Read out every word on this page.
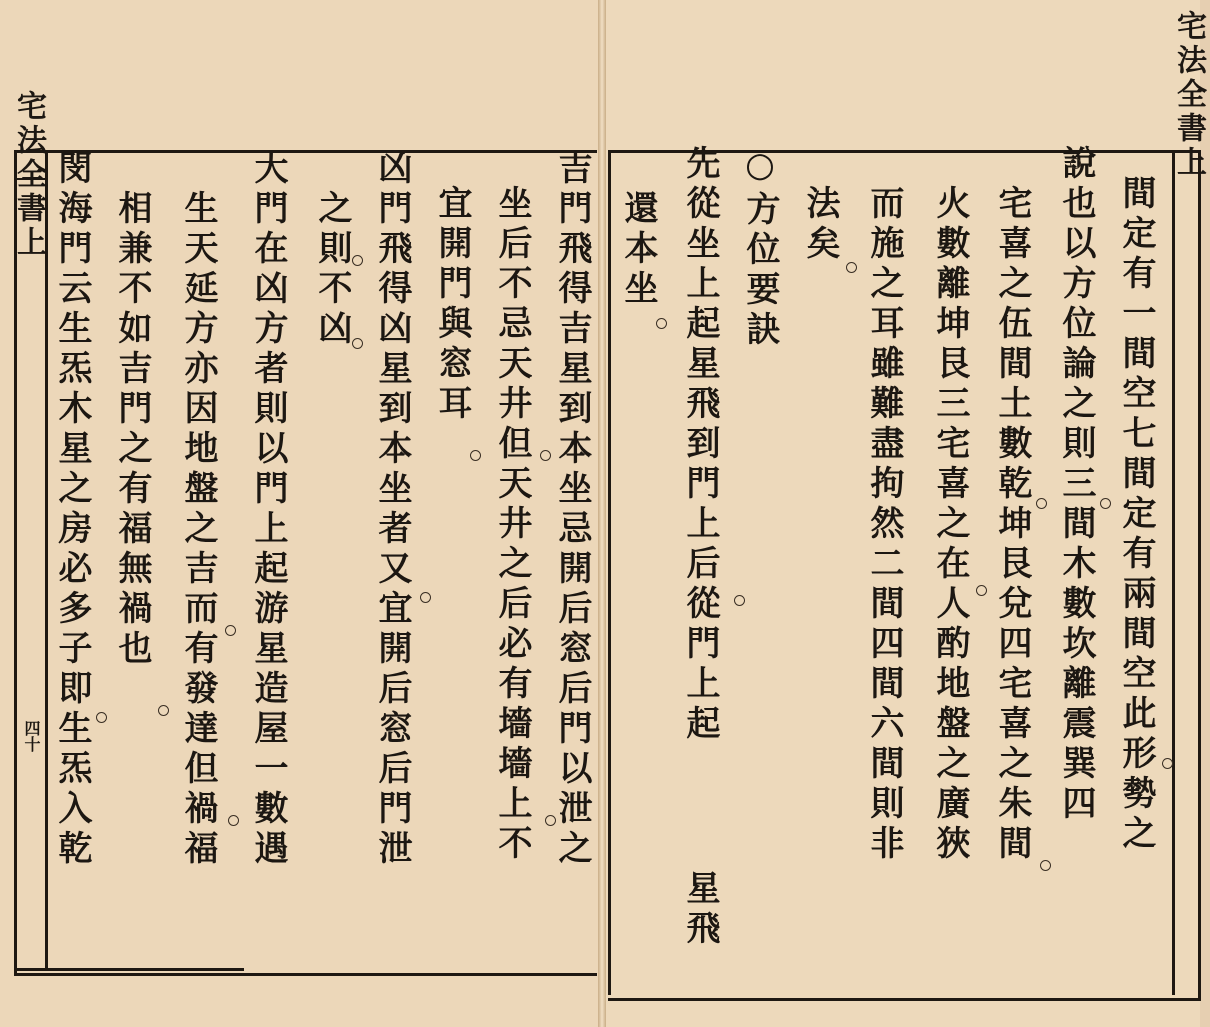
宅法全書上
四十	吉門飛得吉星到本坐忌開后窓后門以泄之
坐后不忌天井但天井之后必有墻墻上不
宜開門與窓耳
凶門飛得凶星到本坐者又宜開后窓后門泄
之則不凶
大門在凶方者則以門上起游星造屋一數遇
生天延方亦因地盤之吉而有發達但禍福
相兼不如吉門之有福無禍也
閔海門云生炁木星之房必多子即生炁入乾
宅法全書上
間定有一間空七間定有兩間空此形勢之
說也以方位論之則三間木數坎離震巽四
宅喜之伍間土數乾坤艮兌四宅喜之朱間
火數離坤艮三宅喜之在人酌地盤之廣狹
而施之耳雖難盡拘然二間四間六間則非
法矣
○方位要訣
先從坐上起星飛到門上后從門上起
星飛
還本坐
